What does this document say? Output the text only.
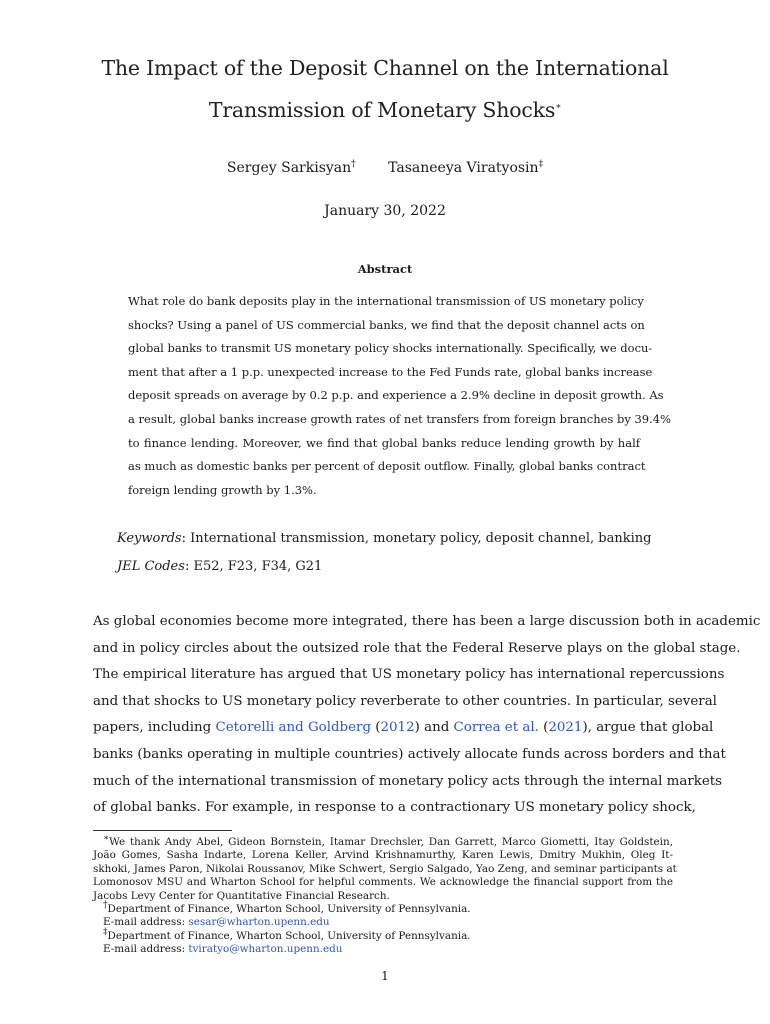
The Impact of the Deposit Channel on the International
Transmission of Monetary Shocks∗
Sergey Sarkisyan† Tasaneeya Viratyosin‡
January 30, 2022
Abstract
What role do bank deposits play in the international transmission of US monetary policy
shocks? Using a panel of US commercial banks, we find that the deposit channel acts on
global banks to transmit US monetary policy shocks internationally. Specifically, we docu-
ment that after a 1 p.p. unexpected increase to the Fed Funds rate, global banks increase
deposit spreads on average by 0.2 p.p. and experience a 2.9% decline in deposit growth. As
a result, global banks increase growth rates of net transfers from foreign branches by 39.4%
to finance lending. Moreover, we find that global banks reduce lending growth by half
as much as domestic banks per percent of deposit outflow. Finally, global banks contract
foreign lending growth by 1.3%.
Keywords: International transmission, monetary policy, deposit channel, banking
JEL Codes: E52, F23, F34, G21
As global economies become more integrated, there has been a large discussion both in academic
and in policy circles about the outsized role that the Federal Reserve plays on the global stage.
The empirical literature has argued that US monetary policy has international repercussions
and that shocks to US monetary policy reverberate to other countries. In particular, several
papers, including Cetorelli and Goldberg (2012) and Correa et al. (2021), argue that global
banks (banks operating in multiple countries) actively allocate funds across borders and that
much of the international transmission of monetary policy acts through the internal markets
of global banks. For example, in response to a contractionary US monetary policy shock,
∗We thank Andy Abel, Gideon Bornstein, Itamar Drechsler, Dan Garrett, Marco Giometti, Itay Goldstein,
João Gomes, Sasha Indarte, Lorena Keller, Arvind Krishnamurthy, Karen Lewis, Dmitry Mukhin, Oleg It-
skhoki, James Paron, Nikolai Roussanov, Mike Schwert, Sergio Salgado, Yao Zeng, and seminar participants at
Lomonosov MSU and Wharton School for helpful comments. We acknowledge the financial support from the
Jacobs Levy Center for Quantitative Financial Research.
†Department of Finance, Wharton School, University of Pennsylvania.
E-mail address: sesar@wharton.upenn.edu
‡Department of Finance, Wharton School, University of Pennsylvania.
E-mail address: tviratyo@wharton.upenn.edu
1
